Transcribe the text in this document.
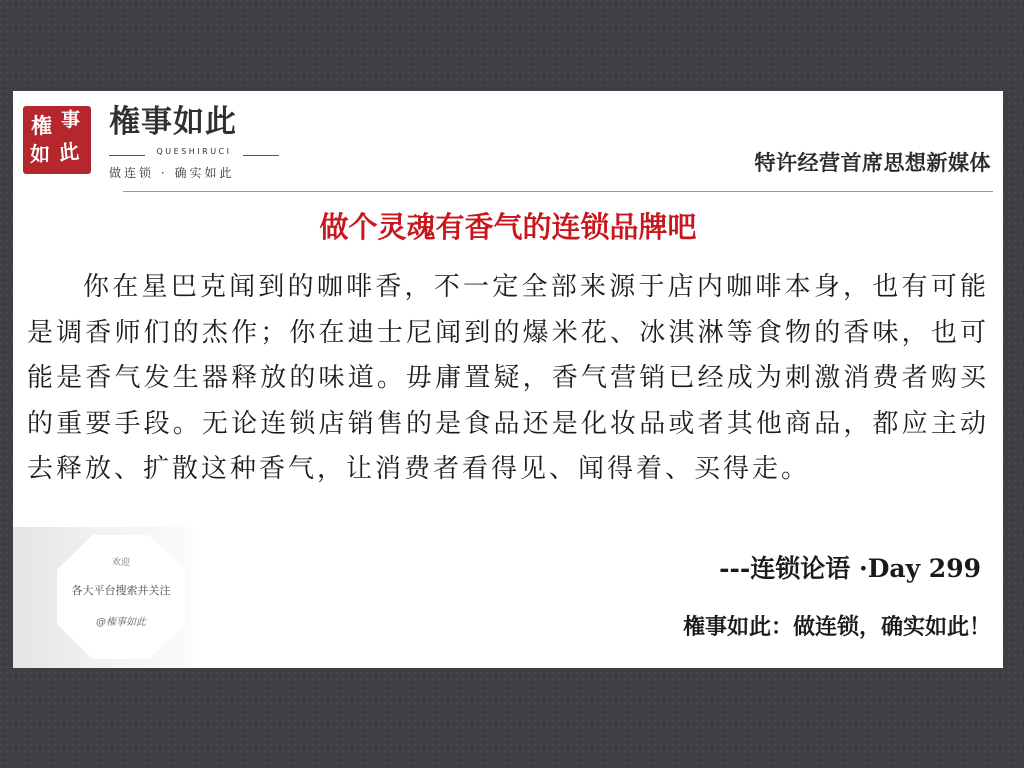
権 事
如 此
権事如此
QUESHIRUCI
做连锁 · 确实如此	特许经营首席思想新媒体
做个灵魂有香气的连锁品牌吧

你在星巴克闻到的咖啡香，不一定全部来源于店内咖啡本身，也有可能是调香师们的杰作；你在迪士尼闻到的爆米花、冰淇淋等食物的香味，也可能是香气发生器释放的味道。毋庸置疑，香气营销已经成为刺激消费者购买的重要手段。无论连锁店销售的是食品还是化妆品或者其他商品，都应主动去释放、扩散这种香气，让消费者看得见、闻得着、买得走。

---连锁论语 ·Day 299
権事如此：做连锁，确实如此！
欢迎
各大平台搜索并关注
@権事如此
